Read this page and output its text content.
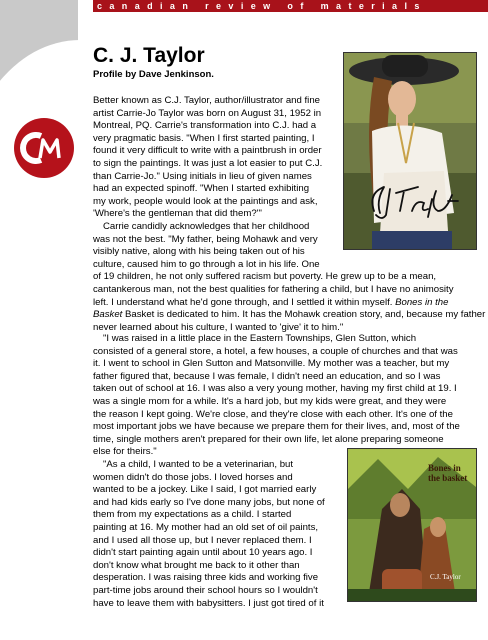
canadian review of materials
C. J. Taylor

Profile by Dave Jenkinson.

Bones in the basket
C.J. Taylor
Better known as C.J. Taylor, author/illustrator and fine
artist Carrie-Jo Taylor was born on August 31, 1952 in
Montreal, PQ. Carrie's transformation into C.J. had a
very pragmatic basis. "When I first started painting, I
found it very difficult to write with a paintbrush in order
to sign the paintings. It was just a lot easier to put C.J.
than Carrie-Jo." Using initials in lieu of given names
had an expected spinoff. "When I started exhibiting
my work, people would look at the paintings and ask,
'Where's the gentleman that did them?'"
Carrie candidly acknowledges that her childhood
was not the best. "My father, being Mohawk and very
visibly native, along with his being taken out of his
culture, caused him to go through a lot in his life. One
of 19 children, he not only suffered racism but poverty. He grew up to be a mean,
cantankerous man, not the best qualities for fathering a child, but I have no animosity
left. I understand what he'd gone through, and I settled it within myself. Bones in the
Basket Basket is dedicated to him. It has the Mohawk creation story, and, because my father
never learned about his culture, I wanted to 'give' it to him."
"I was raised in a little place in the Eastern Townships, Glen Sutton, which
consisted of a general store, a hotel, a few houses, a couple of churches and that was
it. I went to school in Glen Sutton and Matsonville. My mother was a teacher, but my
father figured that, because I was female, I didn't need an education, and so I was
taken out of school at 16. I was also a very young mother, having my first child at 19. I
was a single mom for a while. It's a hard job, but my kids were great, and they were
the reason I kept going. We're close, and they're close with each other. It's one of the
most important jobs we have because we prepare them for their lives, and, most of the
time, single mothers aren't prepared for their own life, let alone preparing someone
else for theirs."
"As a child, I wanted to be a veterinarian, but
women didn't do those jobs. I loved horses and
wanted to be a jockey. Like I said, I got married early
and had kids early so I've done many jobs, but none of
them from my expectations as a child. I started
painting at 16. My mother had an old set of oil paints,
and I used all those up, but I never replaced them. I
didn't start painting again until about 10 years ago. I
don't know what brought me back to it other than
desperation. I was raising three kids and working five
part-time jobs around their school hours so I wouldn't
have to leave them with babysitters. I just got tired of it
